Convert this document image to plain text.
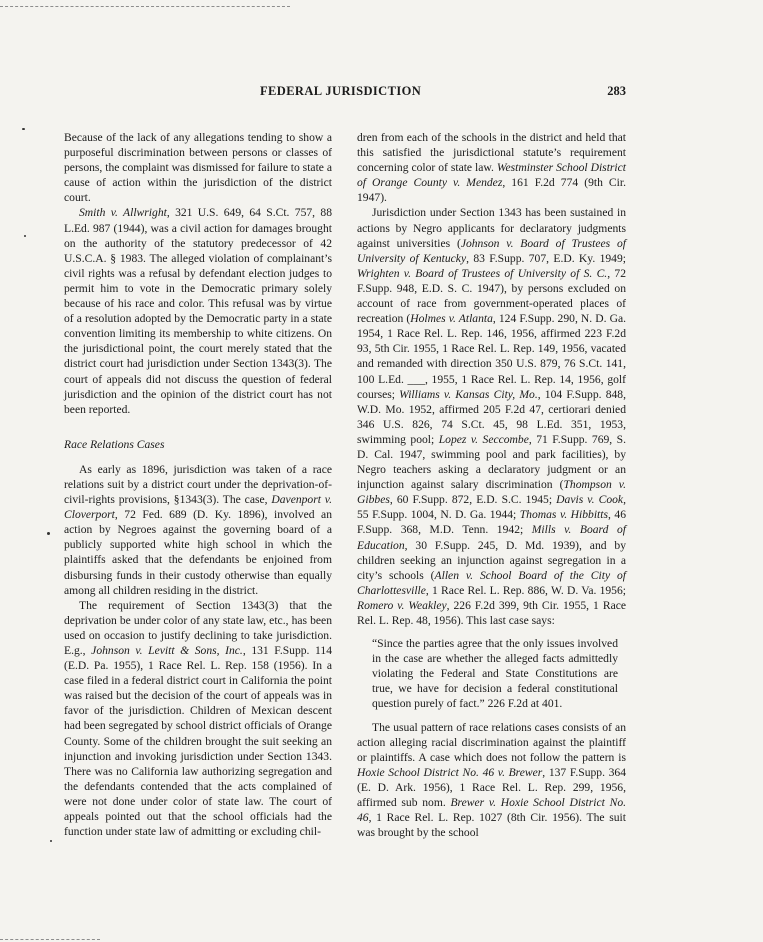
FEDERAL JURISDICTION	283

Because of the lack of any allegations tending to show a purposeful discrimination between persons or classes of persons, the complaint was dismissed for failure to state a cause of action within the jurisdiction of the district court.

Smith v. Allwright, 321 U.S. 649, 64 S.Ct. 757, 88 L.Ed. 987 (1944), was a civil action for damages brought on the authority of the statutory predecessor of 42 U.S.C.A. § 1983. The alleged violation of complainant’s civil rights was a refusal by defendant election judges to permit him to vote in the Democratic primary solely because of his race and color. This refusal was by virtue of a resolution adopted by the Democratic party in a state convention limiting its membership to white citizens. On the jurisdictional point, the court merely stated that the district court had jurisdiction under Section 1343(3). The court of appeals did not discuss the question of federal jurisdiction and the opinion of the district court has not been reported.

Race Relations Cases

As early as 1896, jurisdiction was taken of a race relations suit by a district court under the deprivation-of-civil-rights provisions, §1343(3). The case, Davenport v. Cloverport, 72 Fed. 689 (D. Ky. 1896), involved an action by Negroes against the governing board of a publicly supported white high school in which the plaintiffs asked that the defendants be enjoined from disbursing funds in their custody otherwise than equally among all children residing in the district.

The requirement of Section 1343(3) that the deprivation be under color of any state law, etc., has been used on occasion to justify declining to take jurisdiction. E.g., Johnson v. Levitt & Sons, Inc., 131 F.Supp. 114 (E.D. Pa. 1955), 1 Race Rel. L. Rep. 158 (1956). In a case filed in a federal district court in California the point was raised but the decision of the court of appeals was in favor of the jurisdiction. Children of Mexican descent had been segregated by school district officials of Orange County. Some of the children brought the suit seeking an injunction and invoking jurisdiction under Section 1343. There was no California law authorizing segregation and the defendants contended that the acts complained of were not done under color of state law. The court of appeals pointed out that the school officials had the function under state law of admitting or excluding chil-

dren from each of the schools in the district and held that this satisfied the jurisdictional statute’s requirement concerning color of state law. Westminster School District of Orange County v. Mendez, 161 F.2d 774 (9th Cir. 1947).

Jurisdiction under Section 1343 has been sustained in actions by Negro applicants for declaratory judgments against universities (Johnson v. Board of Trustees of University of Kentucky, 83 F.Supp. 707, E.D. Ky. 1949; Wrighten v. Board of Trustees of University of S. C., 72 F.Supp. 948, E.D. S. C. 1947), by persons excluded on account of race from government-operated places of recreation (Holmes v. Atlanta, 124 F.Supp. 290, N. D. Ga. 1954, 1 Race Rel. L. Rep. 146, 1956, affirmed 223 F.2d 93, 5th Cir. 1955, 1 Race Rel. L. Rep. 149, 1956, vacated and remanded with direction 350 U.S. 879, 76 S.Ct. 141, 100 L.Ed. ___, 1955, 1 Race Rel. L. Rep. 14, 1956, golf courses; Williams v. Kansas City, Mo., 104 F.Supp. 848, W.D. Mo. 1952, affirmed 205 F.2d 47, certiorari denied 346 U.S. 826, 74 S.Ct. 45, 98 L.Ed. 351, 1953, swimming pool; Lopez v. Seccombe, 71 F.Supp. 769, S. D. Cal. 1947, swimming pool and park facilities), by Negro teachers asking a declaratory judgment or an injunction against salary discrimination (Thompson v. Gibbes, 60 F.Supp. 872, E.D. S.C. 1945; Davis v. Cook, 55 F.Supp. 1004, N. D. Ga. 1944; Thomas v. Hibbitts, 46 F.Supp. 368, M.D. Tenn. 1942; Mills v. Board of Education, 30 F.Supp. 245, D. Md. 1939), and by children seeking an injunction against segregation in a city’s schools (Allen v. School Board of the City of Charlottesville, 1 Race Rel. L. Rep. 886, W. D. Va. 1956; Romero v. Weakley, 226 F.2d 399, 9th Cir. 1955, 1 Race Rel. L. Rep. 48, 1956). This last case says:

“Since the parties agree that the only issues involved in the case are whether the alleged facts admittedly violating the Federal and State Constitutions are true, we have for decision a federal constitutional question purely of fact.” 226 F.2d at 401.

The usual pattern of race relations cases consists of an action alleging racial discrimination against the plaintiff or plaintiffs. A case which does not follow the pattern is Hoxie School District No. 46 v. Brewer, 137 F.Supp. 364 (E. D. Ark. 1956), 1 Race Rel. L. Rep. 299, 1956, affirmed sub nom. Brewer v. Hoxie School District No. 46, 1 Race Rel. L. Rep. 1027 (8th Cir. 1956). The suit was brought by the school
